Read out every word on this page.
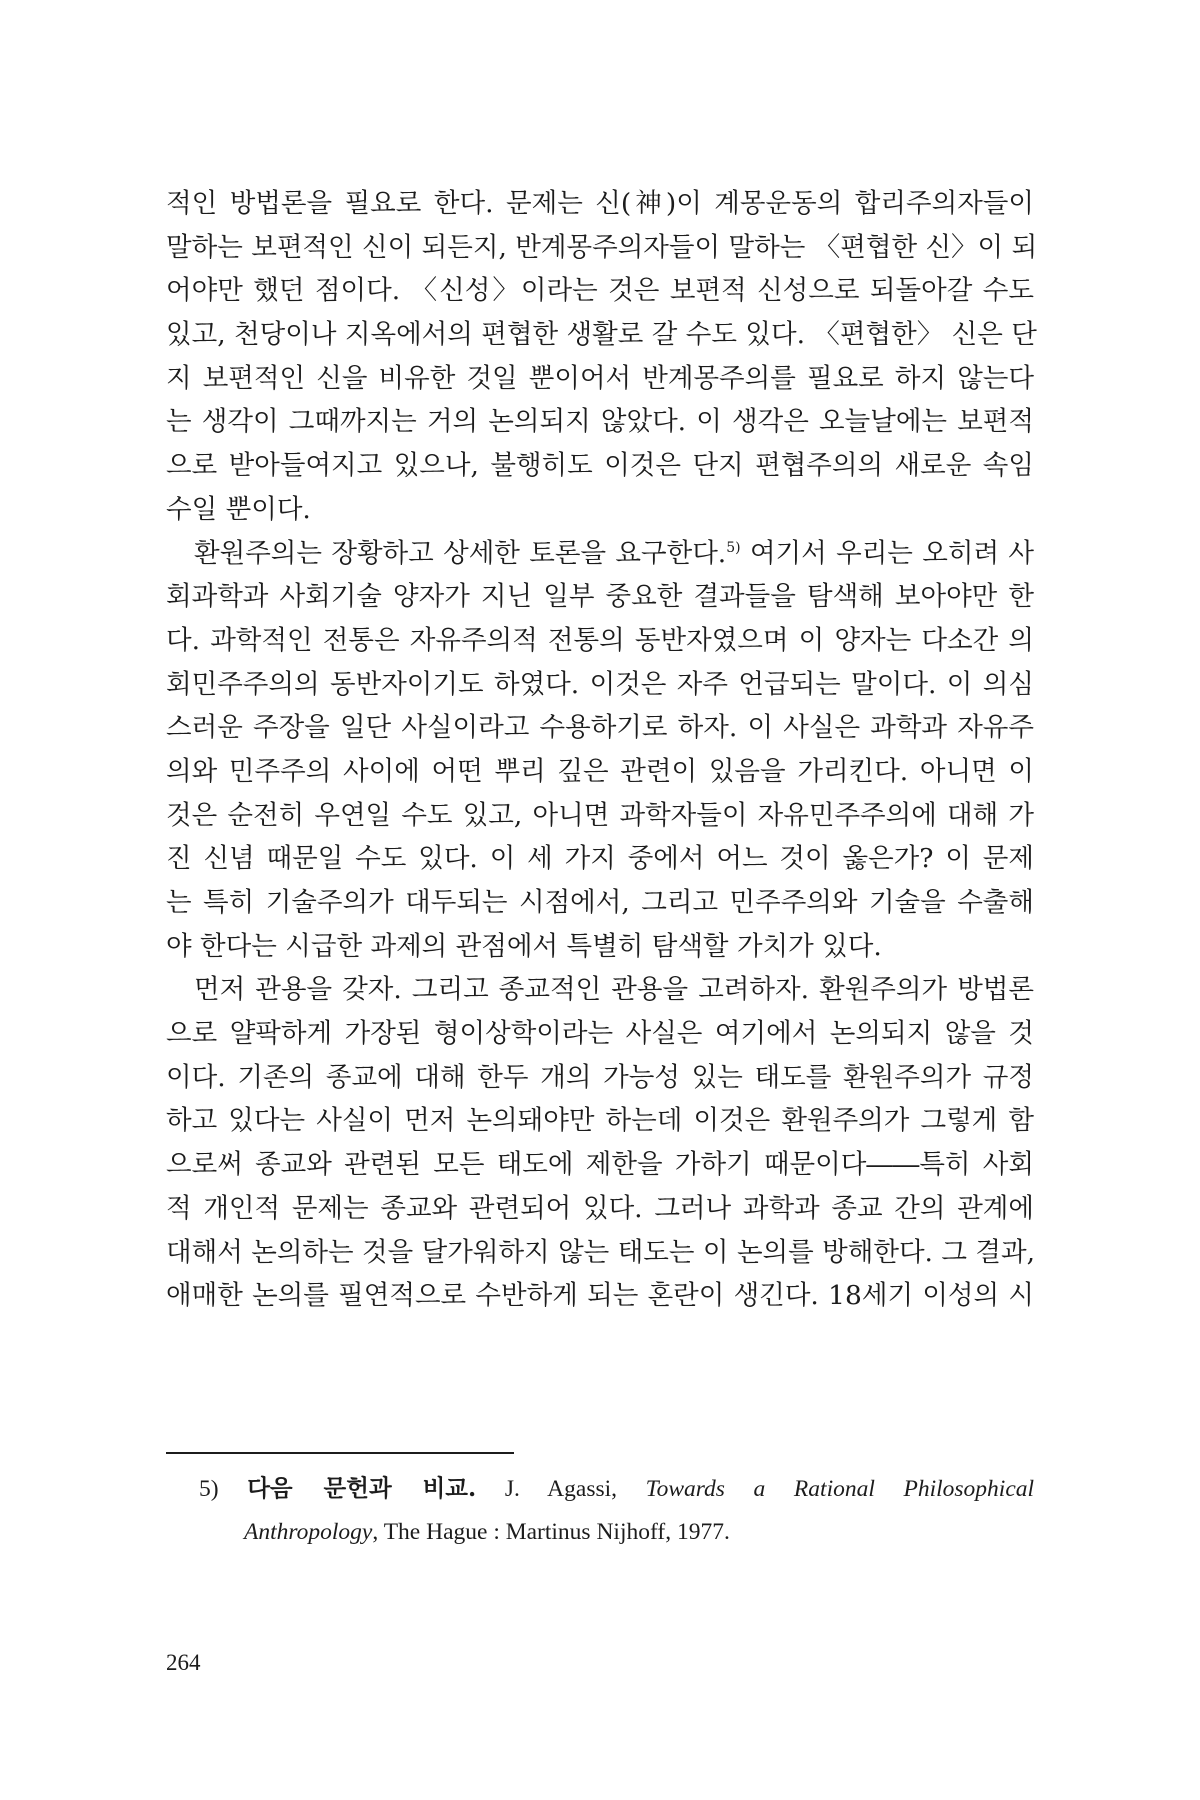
적인 방법론을 필요로 한다. 문제는 신(神)이 계몽운동의 합리주의자들이
말하는 보편적인 신이 되든지, 반계몽주의자들이 말하는 〈편협한 신〉이 되
어야만 했던 점이다. 〈신성〉이라는 것은 보편적 신성으로 되돌아갈 수도
있고, 천당이나 지옥에서의 편협한 생활로 갈 수도 있다. 〈편협한〉 신은 단
지 보편적인 신을 비유한 것일 뿐이어서 반계몽주의를 필요로 하지 않는다
는 생각이 그때까지는 거의 논의되지 않았다. 이 생각은 오늘날에는 보편적
으로 받아들여지고 있으나, 불행히도 이것은 단지 편협주의의 새로운 속임
수일 뿐이다.
환원주의는 장황하고 상세한 토론을 요구한다.$^{5)}$ 여기서 우리는 오히려 사
회과학과 사회기술 양자가 지닌 일부 중요한 결과들을 탐색해 보아야만 한
다. 과학적인 전통은 자유주의적 전통의 동반자였으며 이 양자는 다소간 의
회민주주의의 동반자이기도 하였다. 이것은 자주 언급되는 말이다. 이 의심
스러운 주장을 일단 사실이라고 수용하기로 하자. 이 사실은 과학과 자유주
의와 민주주의 사이에 어떤 뿌리 깊은 관련이 있음을 가리킨다. 아니면 이
것은 순전히 우연일 수도 있고, 아니면 과학자들이 자유민주주의에 대해 가
진 신념 때문일 수도 있다. 이 세 가지 중에서 어느 것이 옳은가? 이 문제
는 특히 기술주의가 대두되는 시점에서, 그리고 민주주의와 기술을 수출해
야 한다는 시급한 과제의 관점에서 특별히 탐색할 가치가 있다.
먼저 관용을 갖자. 그리고 종교적인 관용을 고려하자. 환원주의가 방법론
으로 얄팍하게 가장된 형이상학이라는 사실은 여기에서 논의되지 않을 것
이다. 기존의 종교에 대해 한두 개의 가능성 있는 태도를 환원주의가 규정
하고 있다는 사실이 먼저 논의돼야만 하는데 이것은 환원주의가 그렇게 함
으로써 종교와 관련된 모든 태도에 제한을 가하기 때문이다――특히 사회
적 개인적 문제는 종교와 관련되어 있다. 그러나 과학과 종교 간의 관계에
대해서 논의하는 것을 달가워하지 않는 태도는 이 논의를 방해한다. 그 결과,
애매한 논의를 필연적으로 수반하게 되는 혼란이 생긴다. 18세기 이성의 시
5) 다음 문헌과 비교. J. Agassi, Towards a Rational Philosophical
Anthropology, The Hague : Martinus Nijhoff, 1977.
264
